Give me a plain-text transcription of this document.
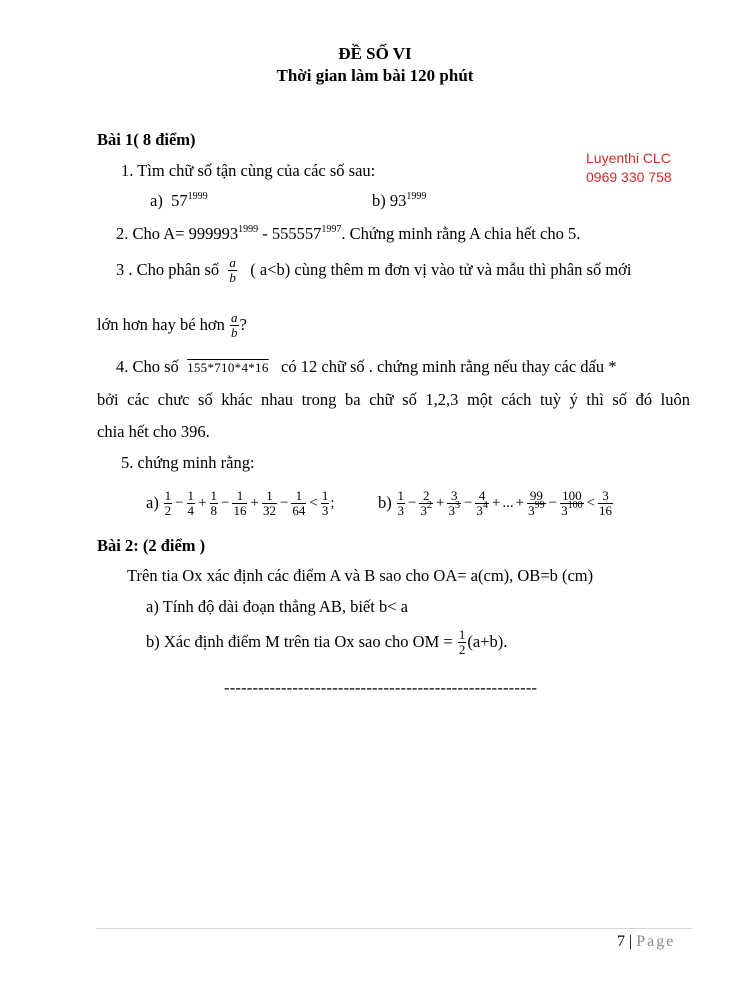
ĐỀ SỐ VI
Thời gian làm bài 120 phút
Luyenthi CLC
0969 330 758
Bài 1( 8 điểm)
1. Tìm chữ số tận cùng của các số sau:
a) $57^{1999}$	b) $93^{1999}$
2. Cho $A= 999993^{1999} - 555557^{1997}$. Chứng minh rằng A chia hết cho 5.
3 . Cho phân số
$\frac{a}{b}$
( a<b) cùng thêm m đơn vị vào tử và mẫu thì phân số mới
lớn hơn hay bé hơn
$\frac{a}{b}$ ?
4. Cho số 155*710*4*16 có 12 chữ số . chứng minh rằng nếu thay các dấu *
bởi các chưc số khác nhau trong ba chữ số 1,2,3 một cách tuỳ ý thì số đó luôn
chia hết cho 396.
5. chứng minh rằng:
a)
$\frac{1}{2} - \frac{1}{4} + \frac{1}{8} - \frac{1}{16} + \frac{1}{32} - \frac{1}{64} < \frac{1}{3}$ ;	b)
$\frac{1}{3} - \frac{2}{3^2} + \frac{3}{3^3} - \frac{4}{3^4}$ + ... + $\frac{99}{3^{99}} - \frac{100}{3^{100}} < \frac{3}{16}$
Bài 2: (2 điểm )
Trên tia Ox xác định các điểm A và B sao cho OA= a(cm), OB=b (cm)
a) Tính độ dài đoạn thẳng AB, biết b< a
b) Xác định điểm M trên tia Ox sao cho OM =
$\frac{1}{2} (a+b)$.
-------------------------------------------------------
7 | Page
